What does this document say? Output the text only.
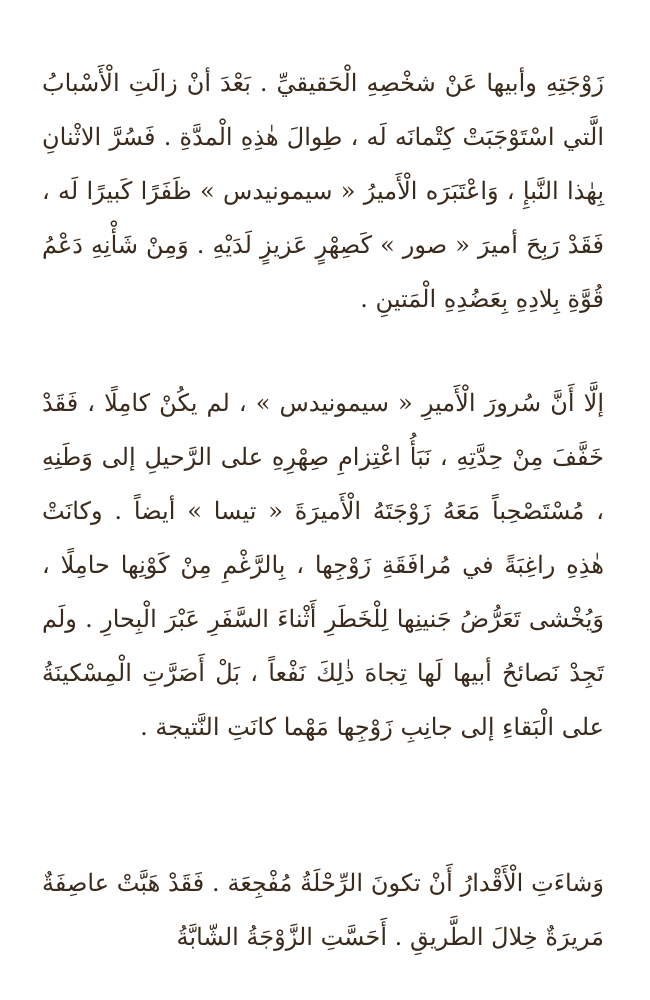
زَوْجَتِهِ وأبيها عَنْ شخْصِهِ الْحَقيقيِّ . بَعْدَ أنْ زالَتِ الْأَسْبابُ الَّتي اسْتَوْجَبَتْ كِتْمانَه لَه ، طِوالَ هٰذِهِ الْمدَّةِ . فَسُرَّ الاثْنانِ بِهٰذا النَّبإِ ، وَاعْتَبَرَه الْأَميرُ « سيمونيدس » ظَفَرًا كَبيرًا لَه ، فَقَدْ رَبِحَ أميرَ « صور » كَصِهْرٍ عَزيزٍ لَدَيْهِ . وَمِنْ شَأْنِهِ دَعْمُ قُوَّةِ بِلادِهِ بِعَضُدِهِ الْمَتينِ .

إلَّا أَنَّ سُرورَ الْأَميرِ « سيمونيدس » ، لم يكُنْ كامِلًا ، فَقَدْ خَفَّفَ مِنْ حِدَّتِهِ ، نَبَأُ اعْتِزامِ صِهْرِهِ على الرَّحيلِ إلى وَطَنِهِ ، مُسْتَصْحِباً مَعَهُ زَوْجَتَهُ الْأَميرَةَ « تيسا » أيضاً . وكانَتْ هٰذِهِ راغِبَةً في مُرافَقَةِ زَوْجِها ، بِالرَّغْمِ مِنْ كَوْنِها حامِلًا ، وَيُخْشى تَعَرُّضُ جَنينِها لِلْخَطَرِ أَثْناءَ السَّفَرِ عَبْرَ الْبِحارِ . ولَم تَجِدْ نَصائحُ أبيها لَها تِجاهَ ذٰلِكَ نَفْعاً ، بَلْ أَصَرَّتِ الْمِسْكينَةُ على الْبَقاءِ إلى جانِبِ زَوْجِها مَهْما كانَتِ النَّتيجة .

وَشاءَتِ الْأَقْدارُ أَنْ تكونَ الرِّحْلَةُ مُفْجِعَة . فَقَدْ هَبَّتْ عاصِفَةٌ مَريرَةٌ خِلالَ الطَّريقِ . أَحَسَّتِ الزَّوْجَةُ الشّابَّةُ
